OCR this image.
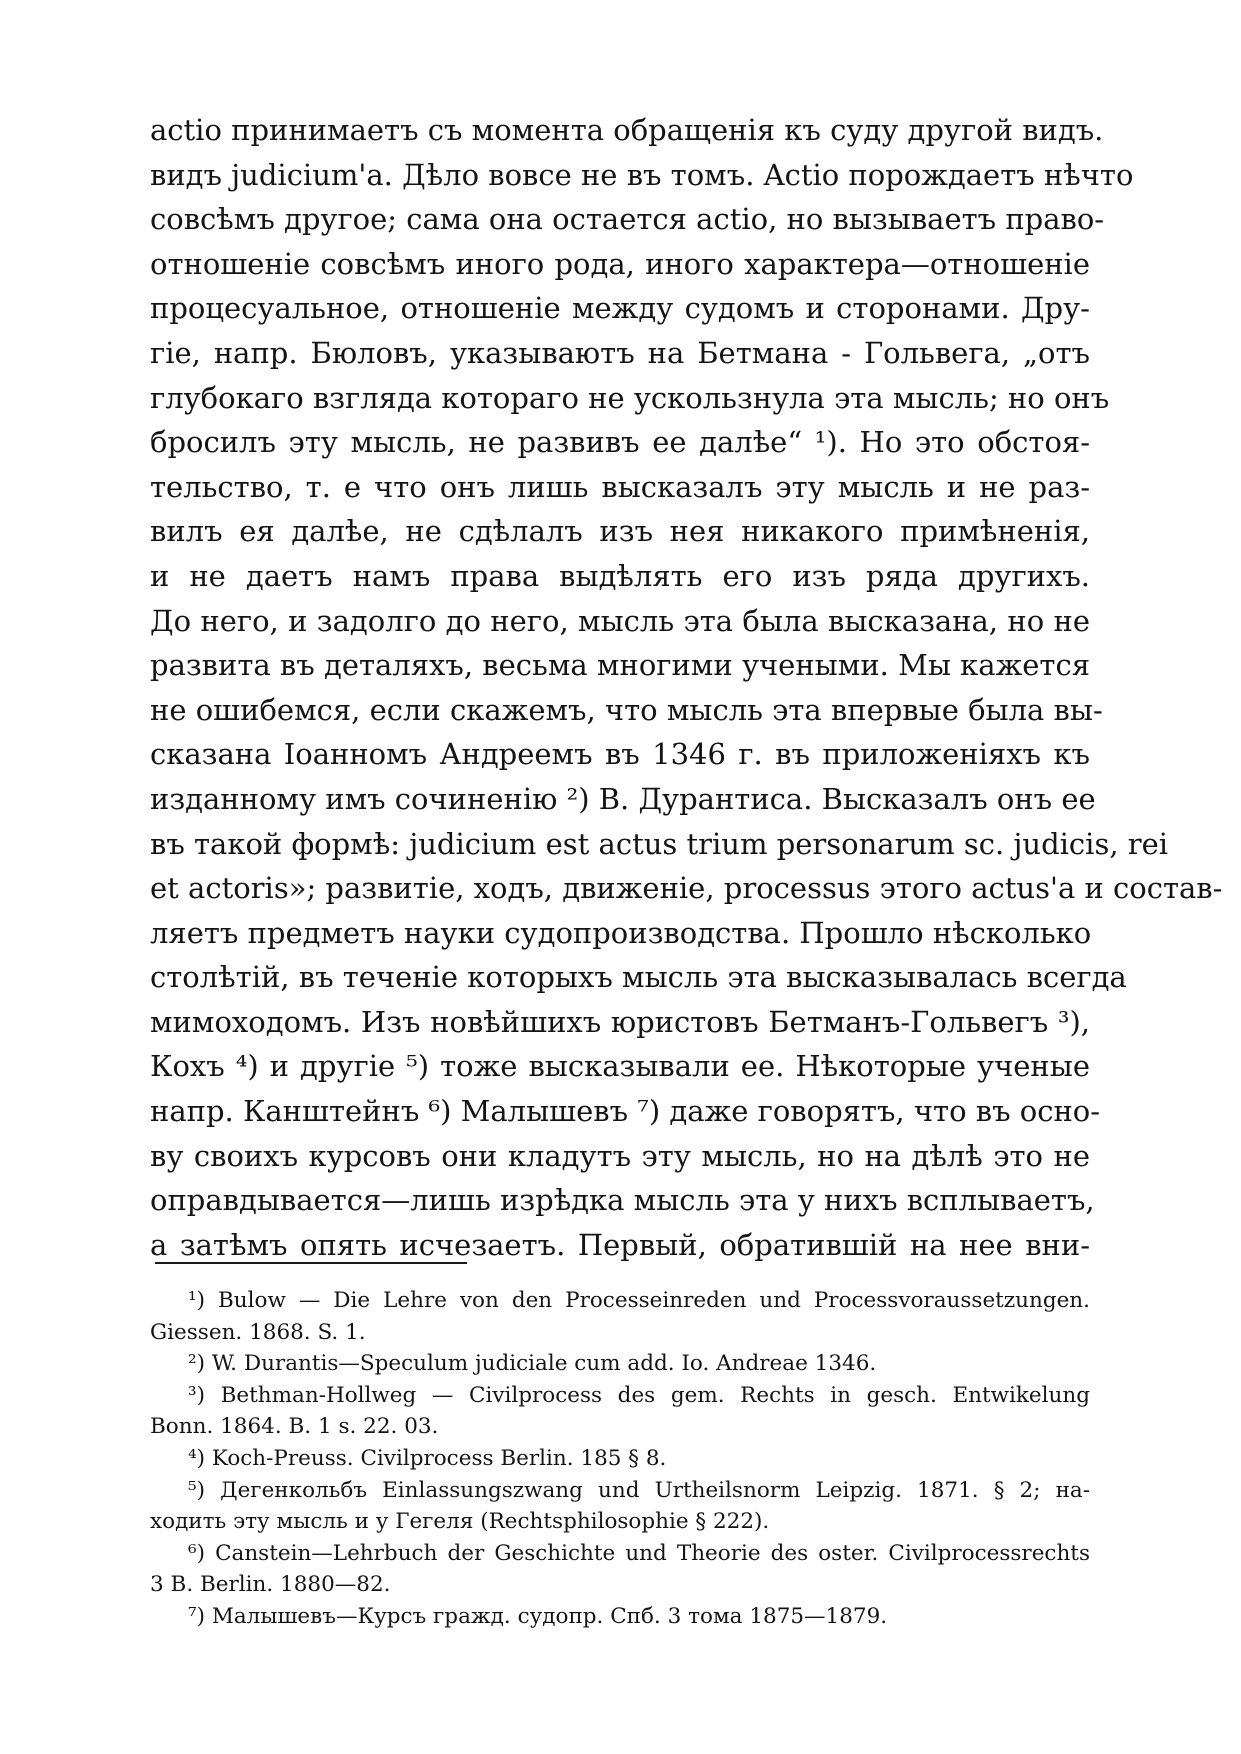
actio принимаетъ съ момента обращенія къ суду другой видъ.
видъ judicium'а. Дѣло вовсе не въ томъ. Actio порождаетъ нѣчто
совсѣмъ другое; сама она остается actio, но вызываетъ право-
отношеніе совсѣмъ иного рода, иного характера—отношеніе
процесуальное, отношеніе между судомъ и сторонами. Дру-
гіе, напр. Бюловъ, указываютъ на Бетмана - Гольвега, „отъ
глубокаго взгляда котораго не ускользнула эта мысль; но онъ
бросилъ эту мысль, не развивъ ее далѣе“ ¹). Но это обстоя-
тельство, т. е что онъ лишь высказалъ эту мысль и не раз-
вилъ ея далѣе, не сдѣлалъ изъ нея никакого примѣненія,
и не даетъ намъ права выдѣлять его изъ ряда другихъ.
До него, и задолго до него, мысль эта была высказана, но не
развита въ деталяхъ, весьма многими учеными. Мы кажется
не ошибемся, если скажемъ, что мысль эта впервые была вы-
сказана Іоанномъ Андреемъ въ 1346 г. въ приложеніяхъ къ
изданному имъ сочиненію ²) В. Дурантиса. Высказалъ онъ ее
въ такой формѣ: judicium est actus trium personarum sc. judicis, rei
et actoris»; развитіе, ходъ, движеніе, processus этого actus'а и состав-
ляетъ предметъ науки судопроизводства. Прошло нѣсколько
столѣтій, въ теченіе которыхъ мысль эта высказывалась всегда
мимоходомъ. Изъ новѣйшихъ юристовъ Бетманъ-Гольвегъ ³),
Кохъ ⁴) и другіе ⁵) тоже высказывали ее. Нѣкоторые ученые
напр. Канштейнъ ⁶) Малышевъ ⁷) даже говорятъ, что въ осно-
ву своихъ курсовъ они кладутъ эту мысль, но на дѣлѣ это не
оправдывается—лишь изрѣдка мысль эта у нихъ всплываетъ,
а затѣмъ опять исчезаетъ. Первый, обратившій на нее вни-
¹) Bulow — Die Lehre von den Processeinreden und Processvoraussetzungen.
Giessen. 1868. S. 1.
²) W. Durantis—Speculum judiciale cum add. Io. Andreae 1346.
³) Bethman-Hollweg — Civilprocess des gem. Rechts in gesch. Entwikelung
Bonn. 1864. B. 1 s. 22. 03.
⁴) Koch-Preuss. Civilprocess Berlin. 185 § 8.
⁵) Дегенкольбъ Einlassungszwang und Urtheilsnorm Leipzig. 1871. § 2; на-
ходить эту мысль и у Гегеля (Rechtsphilosophie § 222).
⁶) Canstein—Lehrbuch der Geschichte und Theorie des oster. Civilprocessrechts
3 B. Berlin. 1880—82.
⁷) Малышевъ—Курсъ гражд. судопр. Спб. 3 тома 1875—1879.
